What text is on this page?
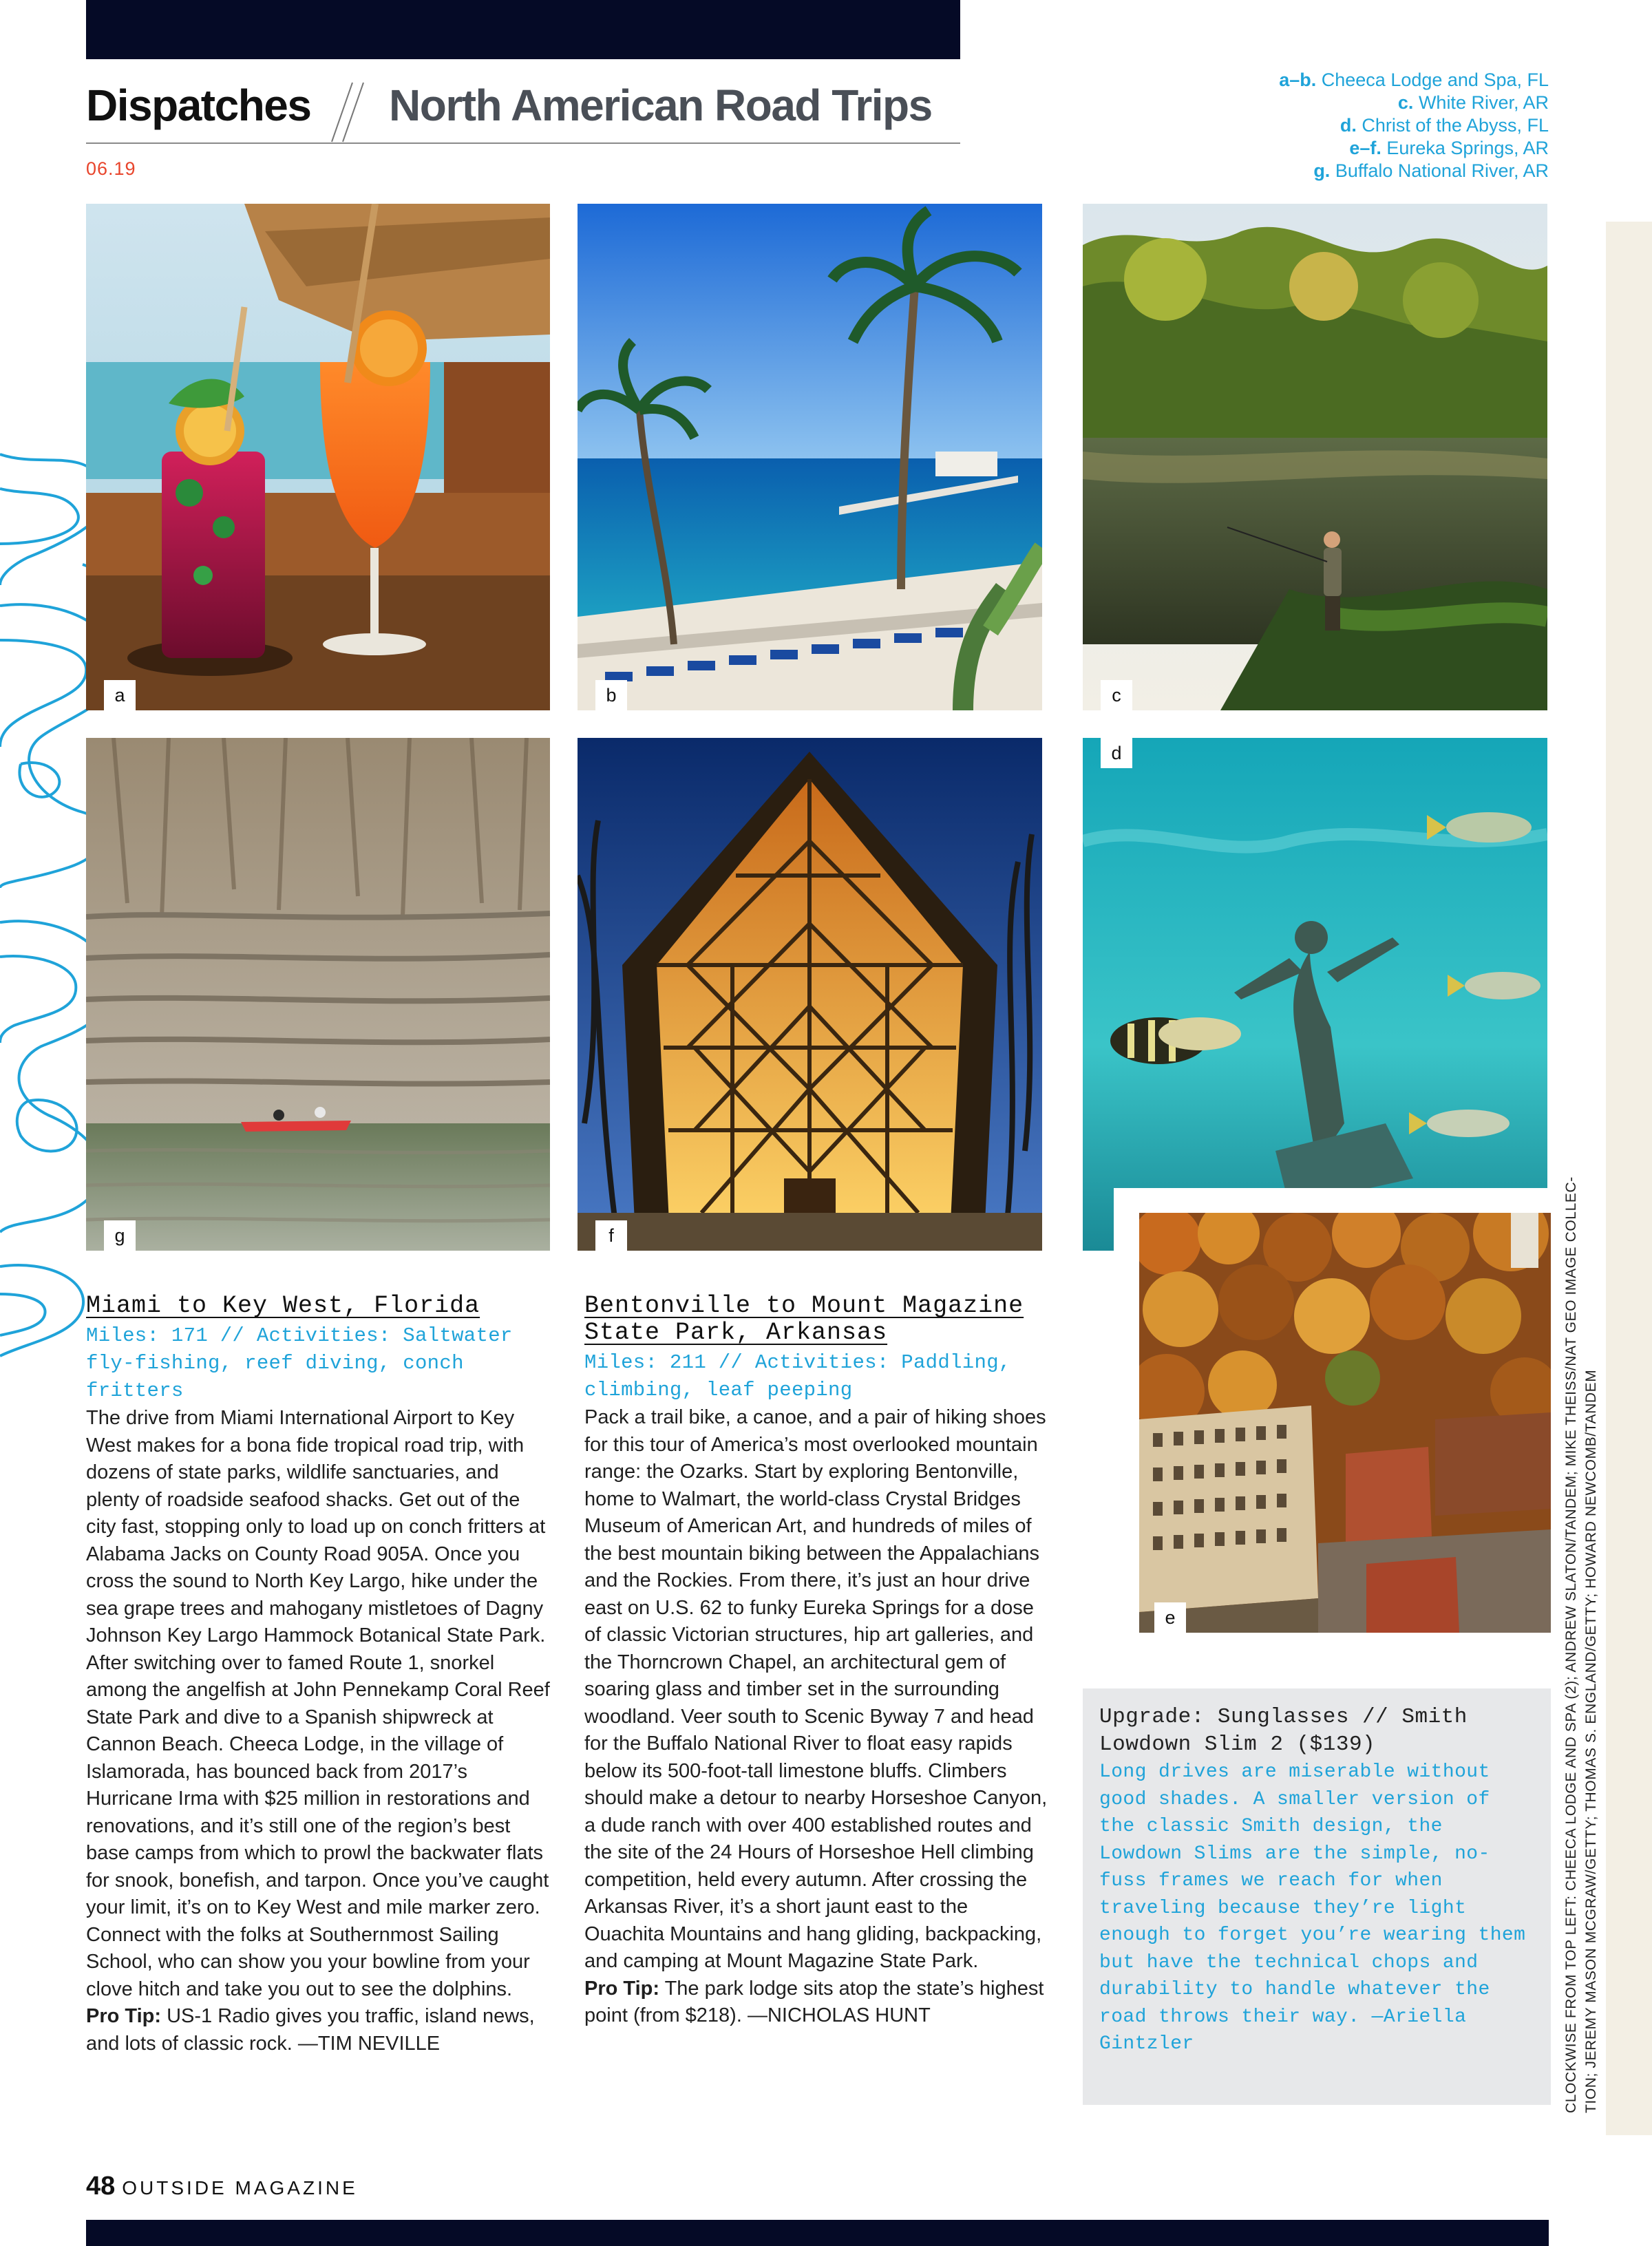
Dispatches North American Road Trips
06.19
a–b. Cheeca Lodge and Spa, FL
c. White River, AR
d. Christ of the Abyss, FL
e–f. Eureka Springs, AR
g. Buffalo National River, AR
CLOCKWISE FROM TOP LEFT: CHEECA LODGE AND SPA (2); ANDREW SLATON/TANDEM; MIKE THEISS/NAT GEO IMAGE COLLEC- TION; JEREMY MASON MCGRAW/GETTY; THOMAS S. ENGLAND/GETTY; HOWARD NEWCOMB/TANDEM
a	b	c
g	f
d
e
Miami to Key West, Florida
Miles: 171 // Activities: Saltwater fly-fishing, reef diving, conch fritters

The drive from Miami International Airport to Key West makes for a bona fide tropical road trip, with dozens of state parks, wildlife sanctuaries, and plenty of roadside seafood shacks. Get out of the city fast, stopping only to load up on conch fritters at Alabama Jacks on County Road 905A. Once you cross the sound to North Key Largo, hike under the sea grape trees and mahogany mistletoes of Dagny Johnson Key Largo Hammock Botanical State Park. After switching over to famed Route 1, snorkel among the angelfish at John Pennekamp Coral Reef State Park and dive to a Spanish shipwreck at Cannon Beach. Cheeca Lodge, in the village of Islamorada, has bounced back from 2017’s Hurricane Irma with $25 million in restorations and renovations, and it’s still one of the region’s best base camps from which to prowl the backwater flats for snook, bonefish, and tarpon. Once you’ve caught your limit, it’s on to Key West and mile marker zero. Connect with the folks at Southernmost Sailing School, who can show you your bowline from your clove hitch and take you out to see the dolphins.

Pro Tip: US-1 Radio gives you traffic, island news, and lots of classic rock. —TIM NEVILLE

Bentonville to Mount Magazine State Park, Arkansas
Miles: 211 // Activities: Paddling, climbing, leaf peeping

Pack a trail bike, a canoe, and a pair of hiking shoes for this tour of America’s most overlooked mountain range: the Ozarks. Start by exploring Bentonville, home to Walmart, the world-class Crystal Bridges Museum of American Art, and hundreds of miles of the best mountain biking between the Appalachians and the Rockies. From there, it’s just an hour drive east on U.S. 62 to funky Eureka Springs for a dose of classic Victorian structures, hip art galleries, and the Thorncrown Chapel, an architectural gem of soaring glass and timber set in the surrounding woodland. Veer south to Scenic Byway 7 and head for the Buffalo National River to float easy rapids below its 500-foot-tall limestone bluffs. Climbers should make a detour to nearby Horseshoe Canyon, a dude ranch with over 400 established routes and the site of the 24 Hours of Horseshoe Hell climbing competition, held every autumn. After crossing the Arkansas River, it’s a short jaunt east to the Ouachita Mountains and hang gliding, backpacking, and camping at Mount Magazine State Park.

Pro Tip: The park lodge sits atop the state’s highest point (from $218). —NICHOLAS HUNT

Upgrade: Sunglasses // Smith Lowdown Slim 2 ($139)
Long drives are miserable without good shades. A smaller version of the classic Smith design, the Lowdown Slims are the simple, no-fuss frames we reach for when traveling because they’re light enough to forget you’re wearing them but have the technical chops and durability to handle whatever the road throws their way. —Ariella Gintzler
48 OUTSIDE MAGAZINE
